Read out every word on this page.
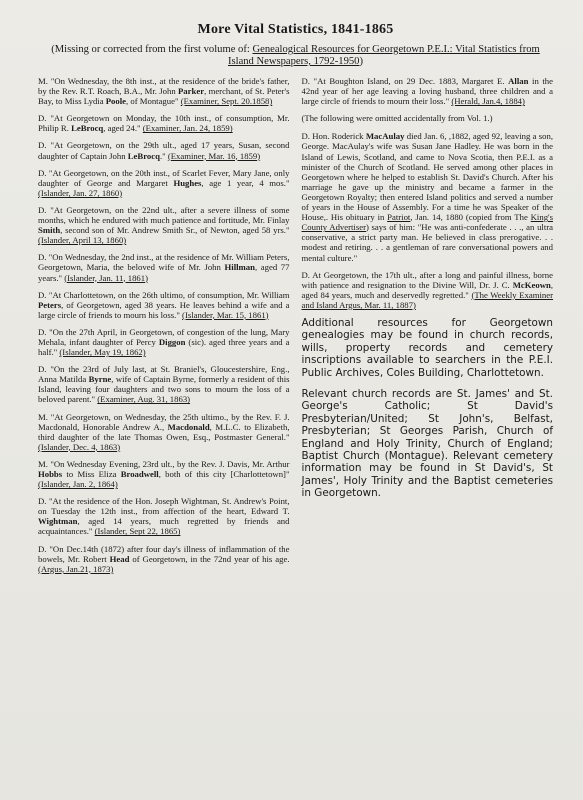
More Vital Statistics, 1841-1865
(Missing or corrected from the first volume of: Genealogical Resources for Georgetown P.E.I.: Vital Statistics from Island Newspapers, 1792-1950)

M. "On Wednesday, the 8th inst., at the residence of the bride's father, by the Rev. R.T. Roach, B.A., Mr. John Parker, merchant, of St. Peter's Bay, to Miss Lydia Poole, of Montague" (Examiner, Sept. 20.1858)

D. "At Georgetown on Monday, the 10th inst., of consumption, Mr. Philip R. LeBrocq, aged 24." (Examiner, Jan. 24, 1859)

D. "At Georgetown, on the 29th ult., aged 17 years, Susan, second daughter of Captain John LeBrocq." (Examiner, Mar. 16, 1859)

D. "At Georgetown, on the 20th inst., of Scarlet Fever, Mary Jane, only daughter of George and Margaret Hughes, age 1 year, 4 mos." (Islander, Jan. 27, 1860)

D. "At Georgetown, on the 22nd ult., after a severe illness of some months, which he endured with much patience and fortitude, Mr. Finlay Smith, second son of Mr. Andrew Smith Sr., of Newton, aged 58 yrs." (Islander, April 13, 1860)

D. "On Wednesday, the 2nd inst., at the residence of Mr. William Peters, Georgetown, Maria, the beloved wife of Mr. John Hillman, aged 77 years." (Islander, Jan. 11, 1861)

D. "At Charlottetown, on the 26th ultimo, of consumption, Mr. William Peters, of Georgetown, aged 38 years. He leaves behind a wife and a large circle of friends to mourn his loss." (Islander, Mar. 15, 1861)

D. "On the 27th April, in Georgetown, of congestion of the lung, Mary Mehala, infant daughter of Percy Diggon (sic). aged three years and a half." (Islander, May 19, 1862)

D. "On the 23rd of July last, at St. Braniel's, Gloucestershire, Eng., Anna Matilda Byrne, wife of Captain Byrne, formerly a resident of this Island, leaving four daughters and two sons to mourn the loss of a beloved parent." (Examiner, Aug. 31, 1863)

M. "At Georgetown, on Wednesday, the 25th ultimo., by the Rev. F. J. Macdonald, Honorable Andrew A., Macdonald, M.L.C. to Elizabeth, third daughter of the late Thomas Owen, Esq., Postmaster General." (Islander, Dec. 4, 1863)

M. "On Wednesday Evening, 23rd ult., by the Rev. J. Davis, Mr. Arthur Hobbs to Miss Eliza Broadwell, both of this city [Charlottetown]" (Islander, Jan. 2, 1864)

D. "At the residence of the Hon. Joseph Wightman, St. Andrew's Point, on Tuesday the 12th inst., from affection of the heart, Edward T. Wightman, aged 14 years, much regretted by friends and acquaintances." (Islander, Sept 22, 1865)

D. "On Dec.14th (1872) after four day's illness of inflammation of the bowels, Mr. Robert Head of Georgetown, in the 72nd year of his age. (Argus, Jan.21, 1873)

D. "At Boughton Island, on 29 Dec. 1883, Margaret E. Allan in the 42nd year of her age leaving a loving husband, three children and a large circle of friends to mourn their loss." (Herald, Jan.4, 1884)

(The following were omitted accidentally from Vol. 1.)

D. Hon. Roderick MacAulay died Jan. 6, ,1882, aged 92, leaving a son, George. MacAulay's wife was Susan Jane Hadley. He was born in the Island of Lewis, Scotland, and came to Nova Scotia, then P.E.I. as a minister of the Church of Scotland. He served among other places in Georgetown where he helped to establish St. David's Church. After his marriage he gave up the ministry and became a farmer in the Georgetown Royalty; then entered Island politics and served a number of years in the House of Assembly. For a time he was Speaker of the House,. His obituary in Patriot, Jan. 14, 1880 (copied from The King's County Advertiser) says of him: "He was anti-confederate . . ., an ultra conservative, a strict party man. He believed in class prerogative. . . modest and retiring. . . a gentleman of rare conversational powers and mental culture."

D. At Georgetown, the 17th ult., after a long and painful illness, borne with patience and resignation to the Divine Will, Dr. J. C. McKeown, aged 84 years, much and deservedly regretted." (The Weekly Examiner and Island Argus, Mar. 11, 1887)

Additional resources for Georgetown genealogies may be found in church records, wills, property records and cemetery inscriptions available to searchers in the P.E.I. Public Archives, Coles Building, Charlottetown.

Relevant church records are St. James' and St. George's Catholic; St David's Presbyterian/United; St John's, Belfast, Presbyterian; St Georges Parish, Church of England and Holy Trinity, Church of England; Baptist Church (Montague). Relevant cemetery information may be found in St David's, St James', Holy Trinity and the Baptist cemeteries in Georgetown.
